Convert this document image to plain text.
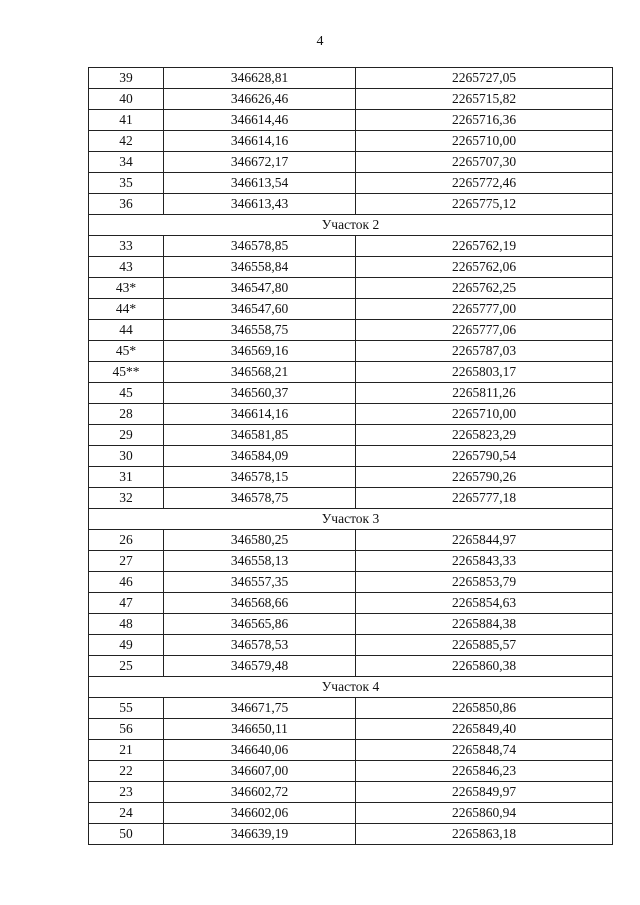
4
39	346628,81	2265727,05
40	346626,46	2265715,82
41	346614,46	2265716,36
42	346614,16	2265710,00
34	346672,17	2265707,30
35	346613,54	2265772,46
36	346613,43	2265775,12
Участок 2		
33	346578,85	2265762,19
43	346558,84	2265762,06
43*	346547,80	2265762,25
44*	346547,60	2265777,00
44	346558,75	2265777,06
45*	346569,16	2265787,03
45**	346568,21	2265803,17
45	346560,37	2265811,26
28	346614,16	2265710,00
29	346581,85	2265823,29
30	346584,09	2265790,54
31	346578,15	2265790,26
32	346578,75	2265777,18
Участок 3		
26	346580,25	2265844,97
27	346558,13	2265843,33
46	346557,35	2265853,79
47	346568,66	2265854,63
48	346565,86	2265884,38
49	346578,53	2265885,57
25	346579,48	2265860,38
Участок 4		
55	346671,75	2265850,86
56	346650,11	2265849,40
21	346640,06	2265848,74
22	346607,00	2265846,23
23	346602,72	2265849,97
24	346602,06	2265860,94
50	346639,19	2265863,18
